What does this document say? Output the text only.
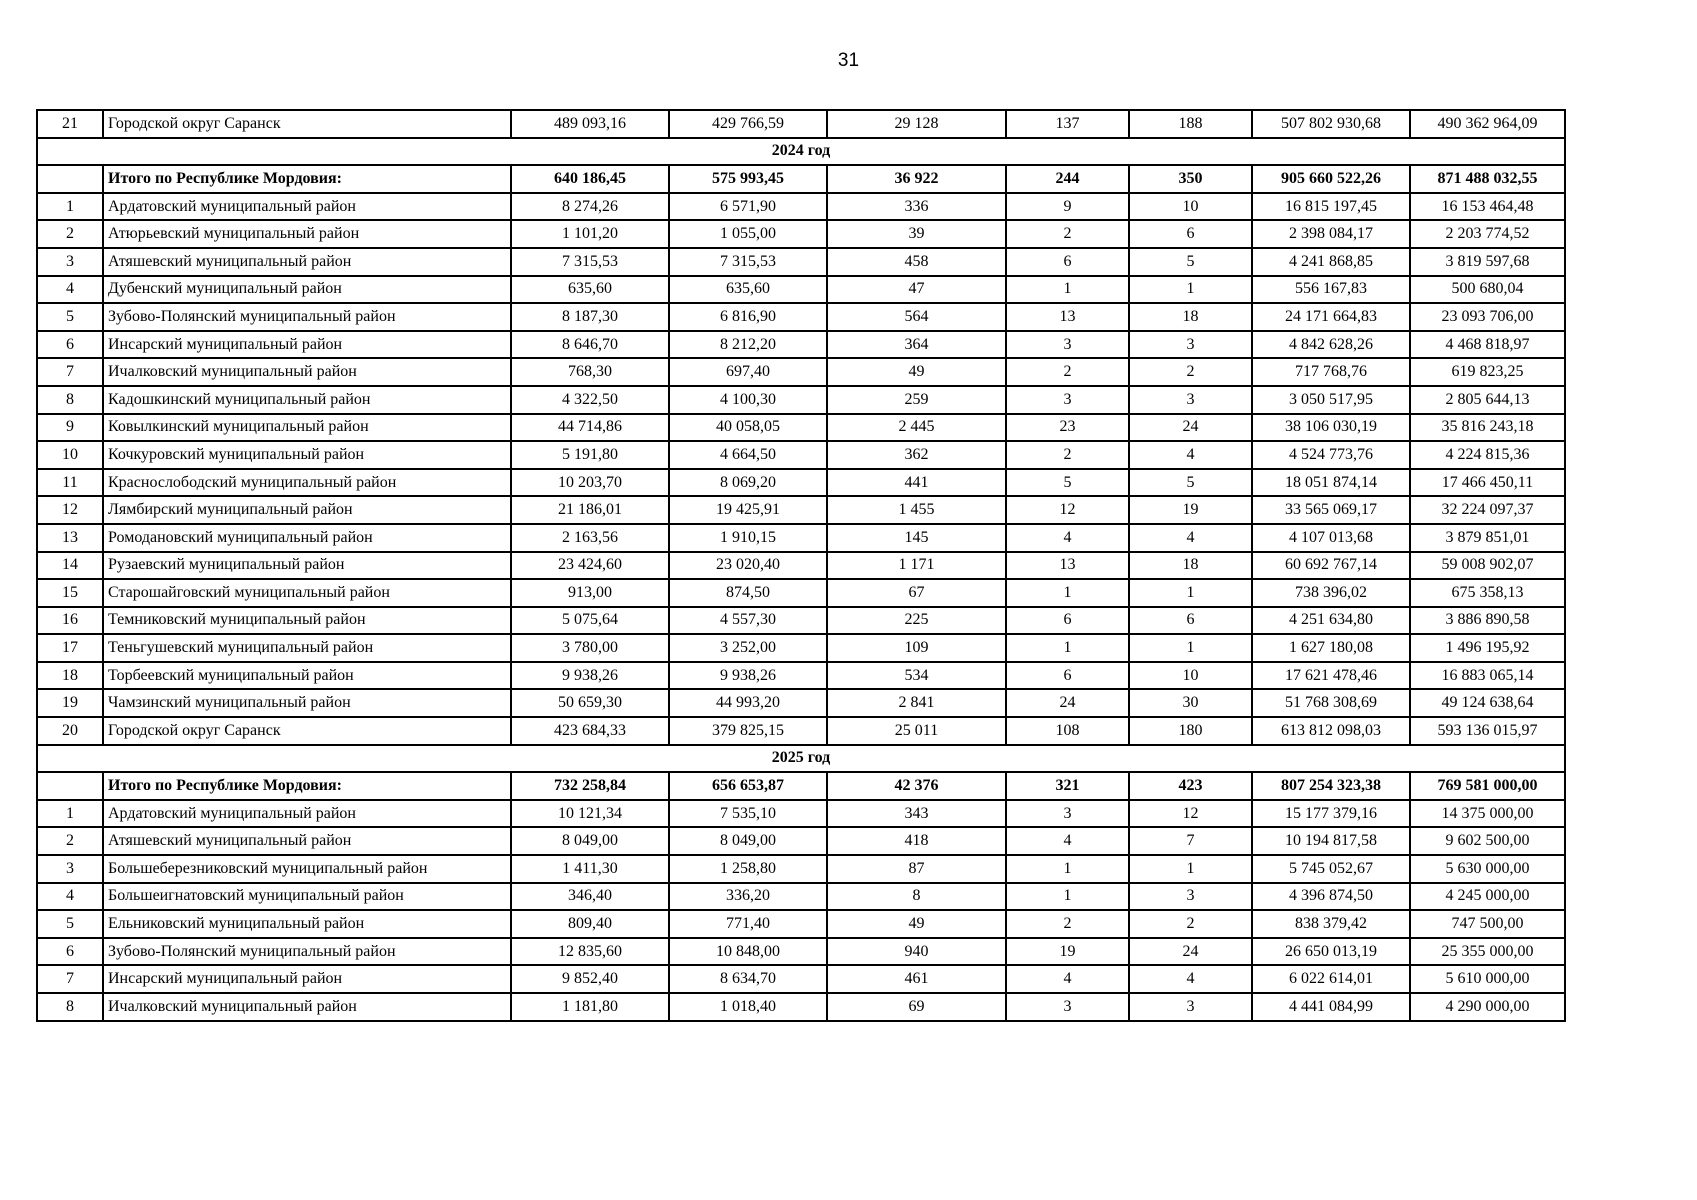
31
21	Городской округ Саранск	489 093,16	429 766,59	29 128	137	188	507 802 930,68	490 362 964,09
2024 год								
	Итого по Республике Мордовия:	640 186,45	575 993,45	36 922	244	350	905 660 522,26	871 488 032,55
1	Ардатовский муниципальный район	8 274,26	6 571,90	336	9	10	16 815 197,45	16 153 464,48
2	Атюрьевский муниципальный район	1 101,20	1 055,00	39	2	6	2 398 084,17	2 203 774,52
3	Атяшевский муниципальный район	7 315,53	7 315,53	458	6	5	4 241 868,85	3 819 597,68
4	Дубенский муниципальный район	635,60	635,60	47	1	1	556 167,83	500 680,04
5	Зубово-Полянский муниципальный район	8 187,30	6 816,90	564	13	18	24 171 664,83	23 093 706,00
6	Инсарский муниципальный район	8 646,70	8 212,20	364	3	3	4 842 628,26	4 468 818,97
7	Ичалковский муниципальный район	768,30	697,40	49	2	2	717 768,76	619 823,25
8	Кадошкинский муниципальный район	4 322,50	4 100,30	259	3	3	3 050 517,95	2 805 644,13
9	Ковылкинский муниципальный район	44 714,86	40 058,05	2 445	23	24	38 106 030,19	35 816 243,18
10	Кочкуровский муниципальный район	5 191,80	4 664,50	362	2	4	4 524 773,76	4 224 815,36
11	Краснослободский муниципальный район	10 203,70	8 069,20	441	5	5	18 051 874,14	17 466 450,11
12	Лямбирский муниципальный район	21 186,01	19 425,91	1 455	12	19	33 565 069,17	32 224 097,37
13	Ромодановский муниципальный район	2 163,56	1 910,15	145	4	4	4 107 013,68	3 879 851,01
14	Рузаевский муниципальный район	23 424,60	23 020,40	1 171	13	18	60 692 767,14	59 008 902,07
15	Старошайговский муниципальный район	913,00	874,50	67	1	1	738 396,02	675 358,13
16	Темниковский муниципальный район	5 075,64	4 557,30	225	6	6	4 251 634,80	3 886 890,58
17	Теньгушевский муниципальный район	3 780,00	3 252,00	109	1	1	1 627 180,08	1 496 195,92
18	Торбеевский муниципальный район	9 938,26	9 938,26	534	6	10	17 621 478,46	16 883 065,14
19	Чамзинский муниципальный район	50 659,30	44 993,20	2 841	24	30	51 768 308,69	49 124 638,64
20	Городской округ Саранск	423 684,33	379 825,15	25 011	108	180	613 812 098,03	593 136 015,97
2025 год								
	Итого по Республике Мордовия:	732 258,84	656 653,87	42 376	321	423	807 254 323,38	769 581 000,00
1	Ардатовский муниципальный район	10 121,34	7 535,10	343	3	12	15 177 379,16	14 375 000,00
2	Атяшевский муниципальный район	8 049,00	8 049,00	418	4	7	10 194 817,58	9 602 500,00
3	Большеберезниковский муниципальный район	1 411,30	1 258,80	87	1	1	5 745 052,67	5 630 000,00
4	Большеигнатовский муниципальный район	346,40	336,20	8	1	3	4 396 874,50	4 245 000,00
5	Ельниковский муниципальный район	809,40	771,40	49	2	2	838 379,42	747 500,00
6	Зубово-Полянский муниципальный район	12 835,60	10 848,00	940	19	24	26 650 013,19	25 355 000,00
7	Инсарский муниципальный район	9 852,40	8 634,70	461	4	4	6 022 614,01	5 610 000,00
8	Ичалковский муниципальный район	1 181,80	1 018,40	69	3	3	4 441 084,99	4 290 000,00
